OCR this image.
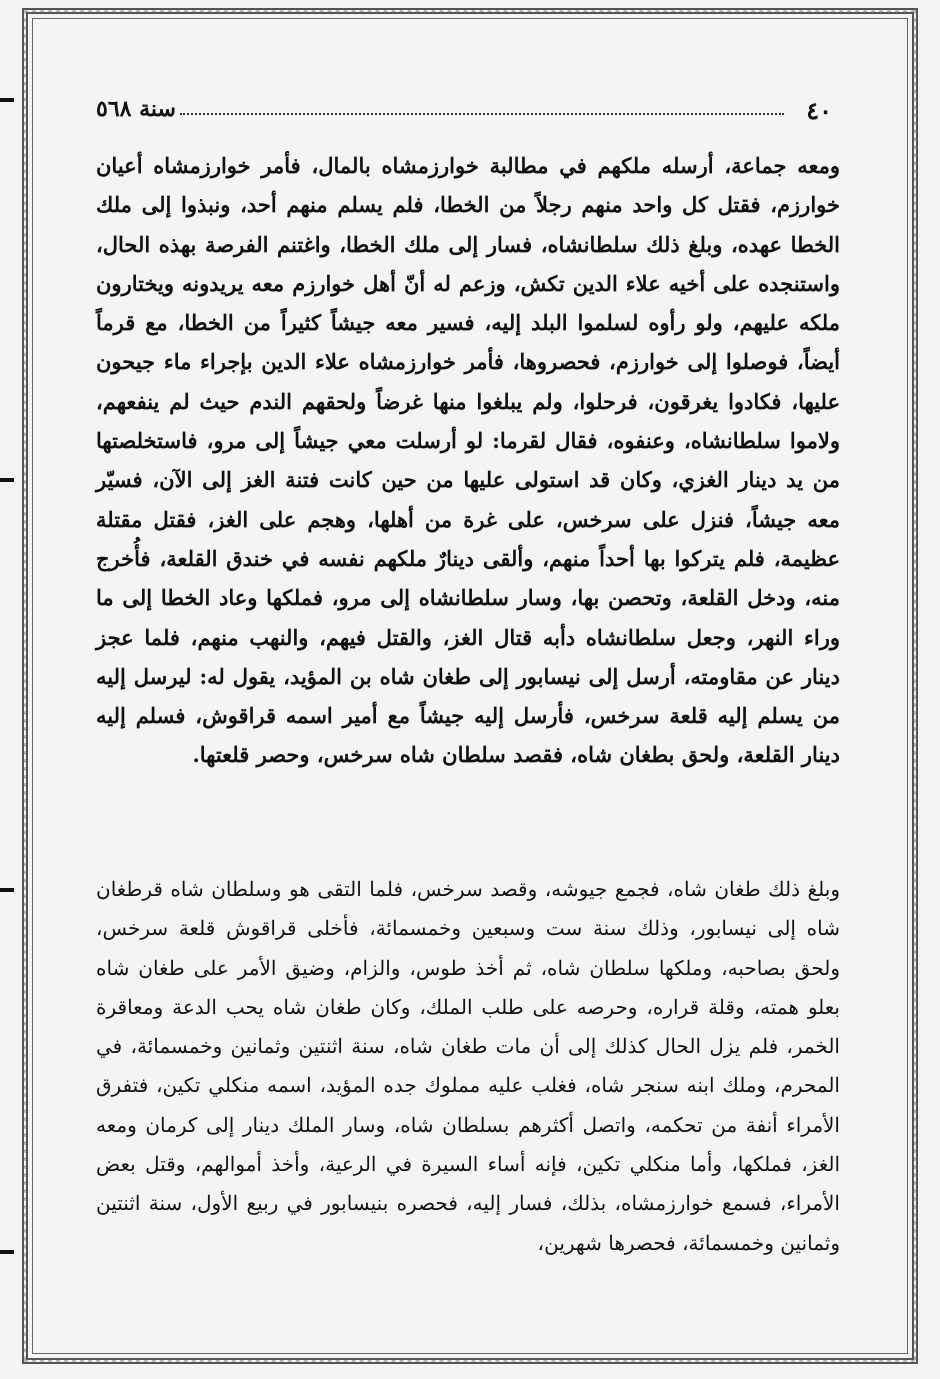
٤٠
سنة ٥٦٨

ومعه جماعة، أرسله ملكهم في مطالبة خوارزمشاه بالمال، فأمر خوارزمشاه أعيان خوارزم، فقتل كل واحد منهم رجلاً من الخطا، فلم يسلم منهم أحد، ونبذوا إلى ملك الخطا عهده، وبلغ ذلك سلطانشاه، فسار إلى ملك الخطا، واغتنم الفرصة بهذه الحال، واستنجده على أخيه علاء الدين تكش، وزعم له أنّ أهل خوارزم معه يريدونه ويختارون ملكه عليهم، ولو رأوه لسلموا البلد إليه، فسير معه جيشاً كثيراً من الخطا، مع قرماً أيضاً، فوصلوا إلى خوارزم، فحصروها، فأمر خوارزمشاه علاء الدين بإجراء ماء جيحون عليها، فكادوا يغرقون، فرحلوا، ولم يبلغوا منها غرضاً ولحقهم الندم حيث لم ينفعهم، ولاموا سلطانشاه، وعنفوه، فقال لقرما: لو أرسلت معي جيشاً إلى مرو، فاستخلصتها من يد دينار الغزي، وكان قد استولى عليها من حين كانت فتنة الغز إلى الآن، فسيّر معه جيشاً، فنزل على سرخس، على غرة من أهلها، وهجم على الغز، فقتل مقتلة عظيمة، فلم يتركوا بها أحداً منهم، وألقى دينارٌ ملكهم نفسه في خندق القلعة، فأُخرج منه، ودخل القلعة، وتحصن بها، وسار سلطانشاه إلى مرو، فملكها وعاد الخطا إلى ما وراء النهر، وجعل سلطانشاه دأبه قتال الغز، والقتل فيهم، والنهب منهم، فلما عجز دينار عن مقاومته، أرسل إلى نيسابور إلى طغان شاه بن المؤيد، يقول له: ليرسل إليه من يسلم إليه قلعة سرخس، فأرسل إليه جيشاً مع أمير اسمه قراقوش، فسلم إليه دينار القلعة، ولحق بطغان شاه، فقصد سلطان شاه سرخس، وحصر قلعتها.

وبلغ ذلك طغان شاه، فجمع جيوشه، وقصد سرخس، فلما التقى هو وسلطان شاه قرطغان شاه إلى نيسابور، وذلك سنة ست وسبعين وخمسمائة، فأخلى قراقوش قلعة سرخس، ولحق بصاحبه، وملكها سلطان شاه، ثم أخذ طوس، والزام، وضيق الأمر على طغان شاه بعلو همته، وقلة قراره، وحرصه على طلب الملك، وكان طغان شاه يحب الدعة ومعاقرة الخمر، فلم يزل الحال كذلك إلى أن مات طغان شاه، سنة اثنتين وثمانين وخمسمائة، في المحرم، وملك ابنه سنجر شاه، فغلب عليه مملوك جده المؤيد، اسمه منكلي تكين، فتفرق الأمراء أنفة من تحكمه، واتصل أكثرهم بسلطان شاه، وسار الملك دينار إلى كرمان ومعه الغز، فملكها، وأما منكلي تكين، فإنه أساء السيرة في الرعية، وأخذ أموالهم، وقتل بعض الأمراء، فسمع خوارزمشاه، بذلك، فسار إليه، فحصره بنيسابور في ربيع الأول، سنة اثنتين وثمانين وخمسمائة، فحصرها شهرين،
